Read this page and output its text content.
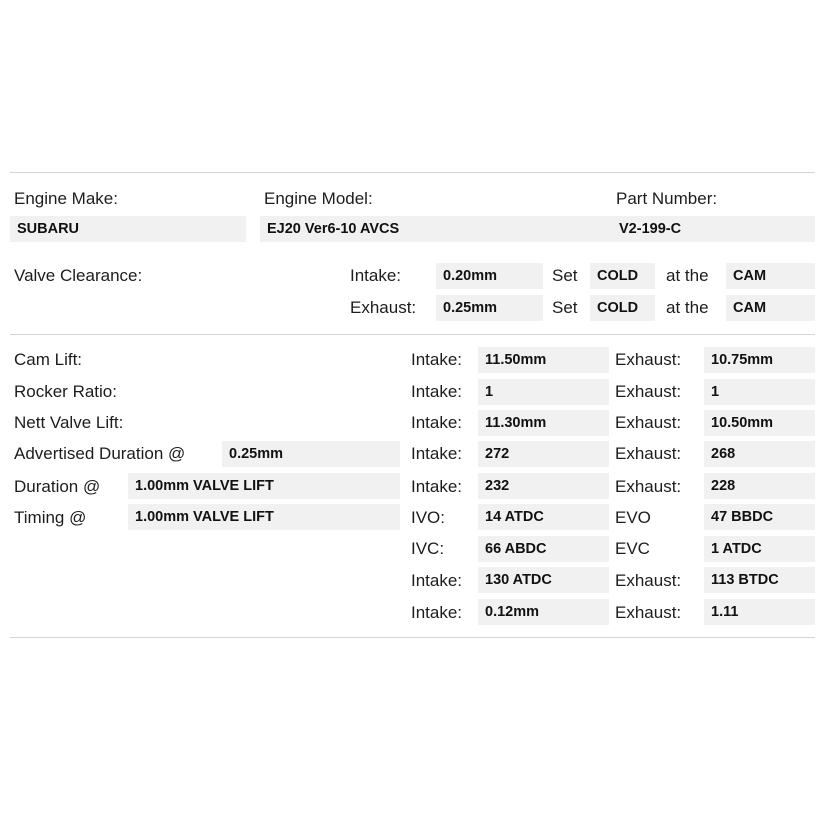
Engine Make:
SUBARU
Engine Model:
EJ20 Ver6-10 AVCS
Part Number:
V2-199-C
Valve Clearance:	Intake:	0.20mm	Set	COLD	at the	CAM
Exhaust:	0.25mm	Set	COLD	at the	CAM
Cam Lift:	Intake:	11.50mm	Exhaust:	10.75mm
Rocker Ratio:	Intake:	1	Exhaust:	1
Nett Valve Lift:	Intake:	11.30mm	Exhaust:	10.50mm
Advertised Duration @	0.25mm	Intake:	272	Exhaust:	268
Duration @	1.00mm VALVE LIFT	Intake:	232	Exhaust:	228
Timing @	1.00mm VALVE LIFT	IVO:	14 ATDC	EVO	47 BBDC
IVC:	66 ABDC	EVC	1 ATDC
Intake:	130 ATDC	Exhaust:	113 BTDC
Intake:	0.12mm	Exhaust:	1.11
